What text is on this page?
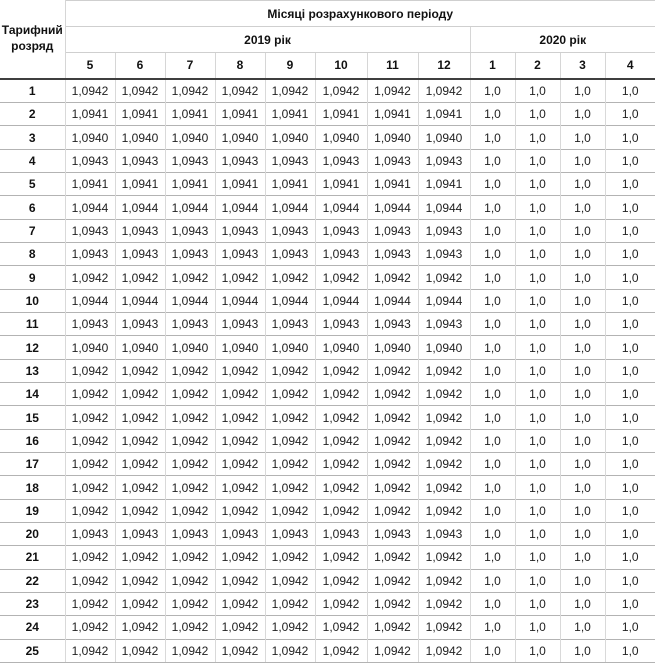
Тарифний розряд	Місяці розрахункового періоду											
	2019 рік								2020 рік			
	5	6	7	8	9	10	11	12	1	2	3	4
1	1,0942	1,0942	1,0942	1,0942	1,0942	1,0942	1,0942	1,0942	1,0	1,0	1,0	1,0
2	1,0941	1,0941	1,0941	1,0941	1,0941	1,0941	1,0941	1,0941	1,0	1,0	1,0	1,0
3	1,0940	1,0940	1,0940	1,0940	1,0940	1,0940	1,0940	1,0940	1,0	1,0	1,0	1,0
4	1,0943	1,0943	1,0943	1,0943	1,0943	1,0943	1,0943	1,0943	1,0	1,0	1,0	1,0
5	1,0941	1,0941	1,0941	1,0941	1,0941	1,0941	1,0941	1,0941	1,0	1,0	1,0	1,0
6	1,0944	1,0944	1,0944	1,0944	1,0944	1,0944	1,0944	1,0944	1,0	1,0	1,0	1,0
7	1,0943	1,0943	1,0943	1,0943	1,0943	1,0943	1,0943	1,0943	1,0	1,0	1,0	1,0
8	1,0943	1,0943	1,0943	1,0943	1,0943	1,0943	1,0943	1,0943	1,0	1,0	1,0	1,0
9	1,0942	1,0942	1,0942	1,0942	1,0942	1,0942	1,0942	1,0942	1,0	1,0	1,0	1,0
10	1,0944	1,0944	1,0944	1,0944	1,0944	1,0944	1,0944	1,0944	1,0	1,0	1,0	1,0
11	1,0943	1,0943	1,0943	1,0943	1,0943	1,0943	1,0943	1,0943	1,0	1,0	1,0	1,0
12	1,0940	1,0940	1,0940	1,0940	1,0940	1,0940	1,0940	1,0940	1,0	1,0	1,0	1,0
13	1,0942	1,0942	1,0942	1,0942	1,0942	1,0942	1,0942	1,0942	1,0	1,0	1,0	1,0
14	1,0942	1,0942	1,0942	1,0942	1,0942	1,0942	1,0942	1,0942	1,0	1,0	1,0	1,0
15	1,0942	1,0942	1,0942	1,0942	1,0942	1,0942	1,0942	1,0942	1,0	1,0	1,0	1,0
16	1,0942	1,0942	1,0942	1,0942	1,0942	1,0942	1,0942	1,0942	1,0	1,0	1,0	1,0
17	1,0942	1,0942	1,0942	1,0942	1,0942	1,0942	1,0942	1,0942	1,0	1,0	1,0	1,0
18	1,0942	1,0942	1,0942	1,0942	1,0942	1,0942	1,0942	1,0942	1,0	1,0	1,0	1,0
19	1,0942	1,0942	1,0942	1,0942	1,0942	1,0942	1,0942	1,0942	1,0	1,0	1,0	1,0
20	1,0943	1,0943	1,0943	1,0943	1,0943	1,0943	1,0943	1,0943	1,0	1,0	1,0	1,0
21	1,0942	1,0942	1,0942	1,0942	1,0942	1,0942	1,0942	1,0942	1,0	1,0	1,0	1,0
22	1,0942	1,0942	1,0942	1,0942	1,0942	1,0942	1,0942	1,0942	1,0	1,0	1,0	1,0
23	1,0942	1,0942	1,0942	1,0942	1,0942	1,0942	1,0942	1,0942	1,0	1,0	1,0	1,0
24	1,0942	1,0942	1,0942	1,0942	1,0942	1,0942	1,0942	1,0942	1,0	1,0	1,0	1,0
25	1,0942	1,0942	1,0942	1,0942	1,0942	1,0942	1,0942	1,0942	1,0	1,0	1,0	1,0
